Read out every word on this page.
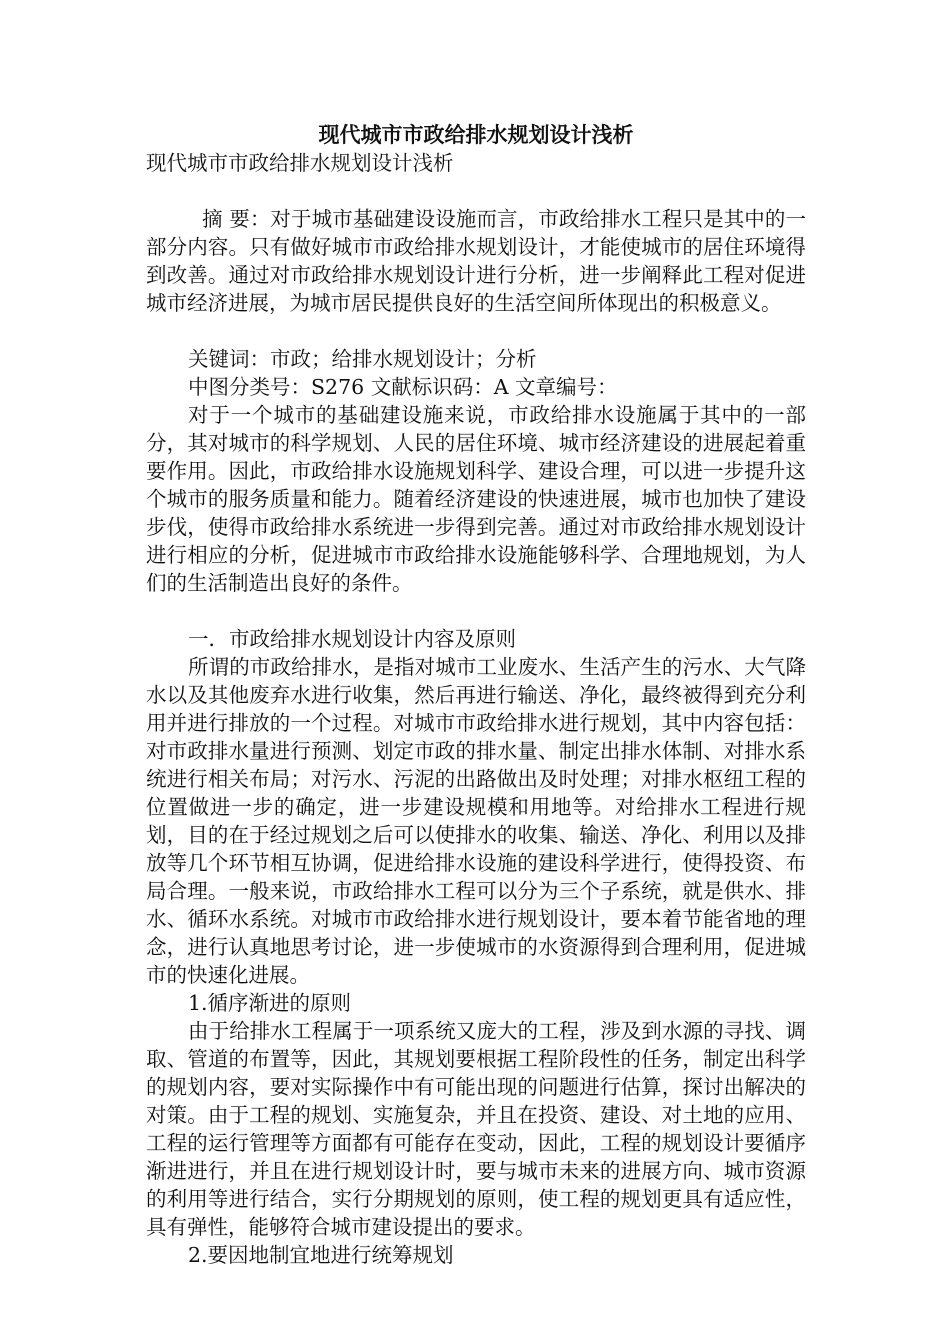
现代城市市政给排水规划设计浅析

现代城市市政给排水规划设计浅析

摘 要：对于城市基础建设设施而言，市政给排水工程只是其中的一部分内容。只有做好城市市政给排水规划设计，才能使城市的居住环境得到改善。通过对市政给排水规划设计进行分析，进一步阐释此工程对促进城市经济进展，为城市居民提供良好的生活空间所体现出的积极意义。

关键词：市政；给排水规划设计；分析

中图分类号：S276 文献标识码：A 文章编号：

对于一个城市的基础建设施来说，市政给排水设施属于其中的一部分，其对城市的科学规划、人民的居住环境、城市经济建设的进展起着重要作用。因此，市政给排水设施规划科学、建设合理，可以进一步提升这个城市的服务质量和能力。随着经济建设的快速进展，城市也加快了建设步伐，使得市政给排水系统进一步得到完善。通过对市政给排水规划设计进行相应的分析，促进城市市政给排水设施能够科学、合理地规划，为人们的生活制造出良好的条件。

一．市政给排水规划设计内容及原则

所谓的市政给排水，是指对城市工业废水、生活产生的污水、大气降水以及其他废弃水进行收集，然后再进行输送、净化，最终被得到充分利用并进行排放的一个过程。对城市市政给排水进行规划，其中内容包括：对市政排水量进行预测、划定市政的排水量、制定出排水体制、对排水系统进行相关布局；对污水、污泥的出路做出及时处理；对排水枢纽工程的位置做进一步的确定，进一步建设规模和用地等。对给排水工程进行规划，目的在于经过规划之后可以使排水的收集、输送、净化、利用以及排放等几个环节相互协调，促进给排水设施的建设科学进行，使得投资、布局合理。一般来说，市政给排水工程可以分为三个子系统，就是供水、排水、循环水系统。对城市市政给排水进行规划设计，要本着节能省地的理念，进行认真地思考讨论，进一步使城市的水资源得到合理利用，促进城市的快速化进展。

1.循序渐进的原则

由于给排水工程属于一项系统又庞大的工程，涉及到水源的寻找、调取、管道的布置等，因此，其规划要根据工程阶段性的任务，制定出科学的规划内容，要对实际操作中有可能出现的问题进行估算，探讨出解决的对策。由于工程的规划、实施复杂，并且在投资、建设、对土地的应用、工程的运行管理等方面都有可能存在变动，因此，工程的规划设计要循序渐进进行，并且在进行规划设计时，要与城市未来的进展方向、城市资源的利用等进行结合，实行分期规划的原则，使工程的规划更具有适应性，具有弹性，能够符合城市建设提出的要求。

2.要因地制宜地进行统筹规划
